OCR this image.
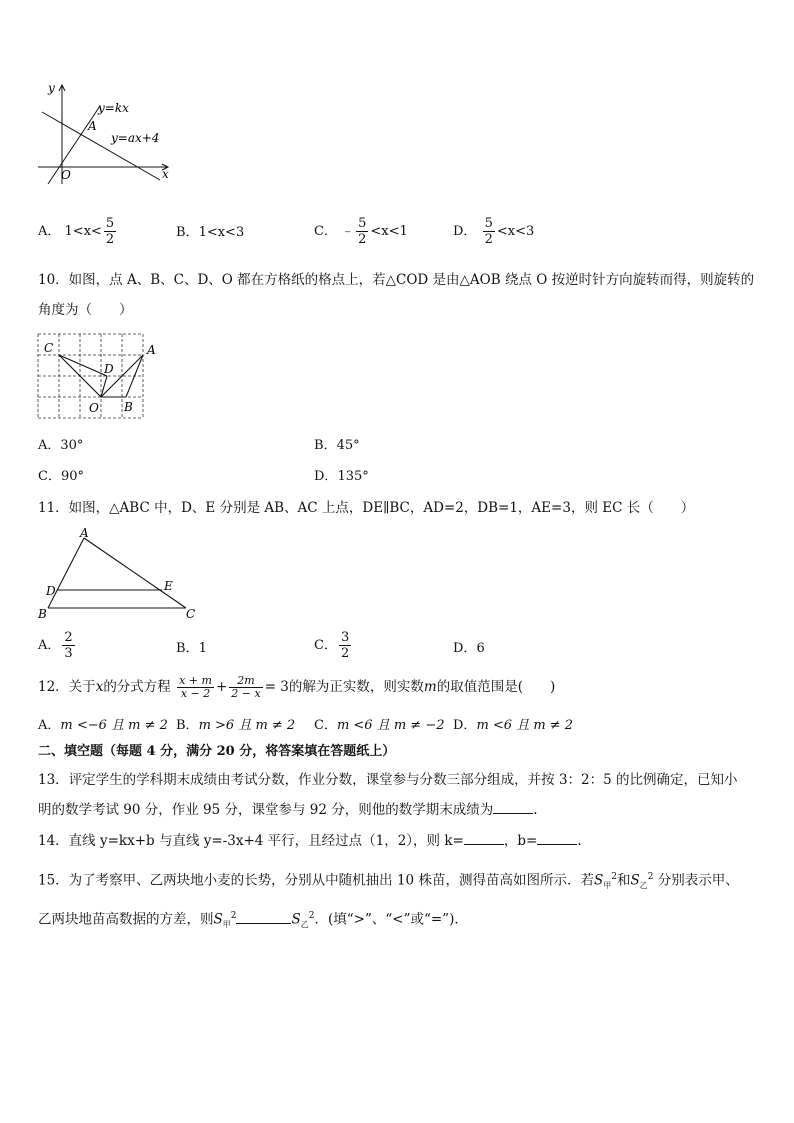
y
x
O
A
y=kx
y=ax+4
A． $1<x< \frac{5}{2}$	B．1<x<3	C． ﹣ $\frac{5}{2} <x<1$	D． $\frac{5}{2} <x<3$
10．如图，点 A、B、C、D、O 都在方格纸的格点上，若△COD 是由△AOB 绕点 O 按逆时针方向旋转而得，则旋转的
角度为（　　）
C	A
D
O B
A．30°	B．45°
C．90°	D．135°
11．如图，△ABC 中，D、E 分别是 AB、AC 上点，DE∥BC，AD=2，DB=1，AE=3，则 EC 长（　　）
A
D	E
B	C
A． $\frac{2}{3}$	B．1	C． $\frac{3}{2}$	D．6
12．关于x的分式方程 $\frac{x + m}{x - 2} + \frac{2m}{2 - x} = 3$的解为正实数，则实数m的取值范围是(　　)
A．m <−6 且 m ≠ 2 B．m >6 且 m ≠ 2 C．m <6 且 m ≠ −2 D．m <6 且 m ≠ 2
二、填空题（每题 4 分，满分 20 分，将答案填在答题纸上）
13．评定学生的学科期末成绩由考试分数，作业分数，课堂参与分数三部分组成，并按 3：2：5 的比例确定，已知小
明的数学考试 90 分，作业 95 分，课堂参与 92 分，则他的数学期末成绩为	.
14．直线 y=kx+b 与直线 y=-3x+4 平行，且经过点（1，2），则 k=	，b=	.
15．为了考察甲、乙两块地小麦的长势，分别从中随机抽出 10 株苗，测得苗高如图所示．若$S_甲^2$和$S_乙^2$ 分别表示甲、
乙两块地苗高数据的方差，则$S_甲^2$	$S_乙^2$．(填“>”、“<”或“=”)．
